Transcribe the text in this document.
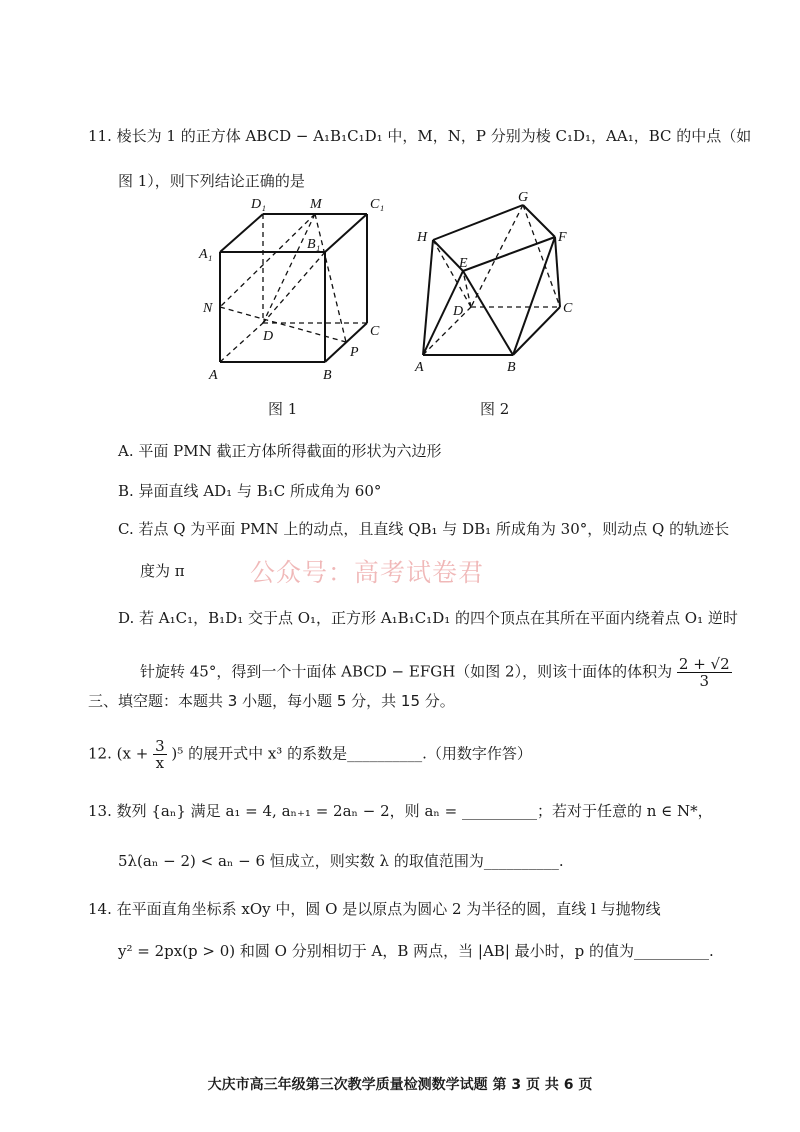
11. 棱长为 1 的正方体 ABCD − A₁B₁C₁D₁ 中，M，N，P 分别为棱 C₁D₁，AA₁，BC 的中点（如
图 1），则下列结论正确的是
D₁	M	C₁
A₁
B₁
N
D	C
P
A	B
G
H	F
E
D	C
A	B
图 1	图 2
A. 平面 PMN 截正方体所得截面的形状为六边形
B. 异面直线 AD₁ 与 B₁C 所成角为 60°
C. 若点 Q 为平面 PMN 上的动点，且直线 QB₁ 与 DB₁ 所成角为 30°，则动点 Q 的轨迹长
度为 π	公众号：高考试卷君
D. 若 A₁C₁，B₁D₁ 交于点 O₁，正方形 A₁B₁C₁D₁ 的四个顶点在其所在平面内绕着点 O₁ 逆时
针旋转 45°，得到一个十面体 ABCD − EFGH（如图 2），则该十面体的体积为 $\frac{2 + √2}{3}$
三、填空题：本题共 3 小题，每小题 5 分，共 15 分。
12. $(x + \frac{3}{x} )^5$ 的展开式中 x³ 的系数是__________.（用数字作答）
13. 数列 {aₙ} 满足 a₁ = 4, aₙ₊₁ = 2aₙ − 2，则 aₙ = __________；若对于任意的 n ∈ N*，
5λ(aₙ − 2) < aₙ − 6 恒成立，则实数 λ 的取值范围为__________.
14. 在平面直角坐标系 xOy 中，圆 O 是以原点为圆心 2 为半径的圆，直线 l 与抛物线
y² = 2px(p > 0) 和圆 O 分别相切于 A，B 两点，当 |AB| 最小时，p 的值为__________.
大庆市高三年级第三次教学质量检测数学试题 第 3 页 共 6 页
